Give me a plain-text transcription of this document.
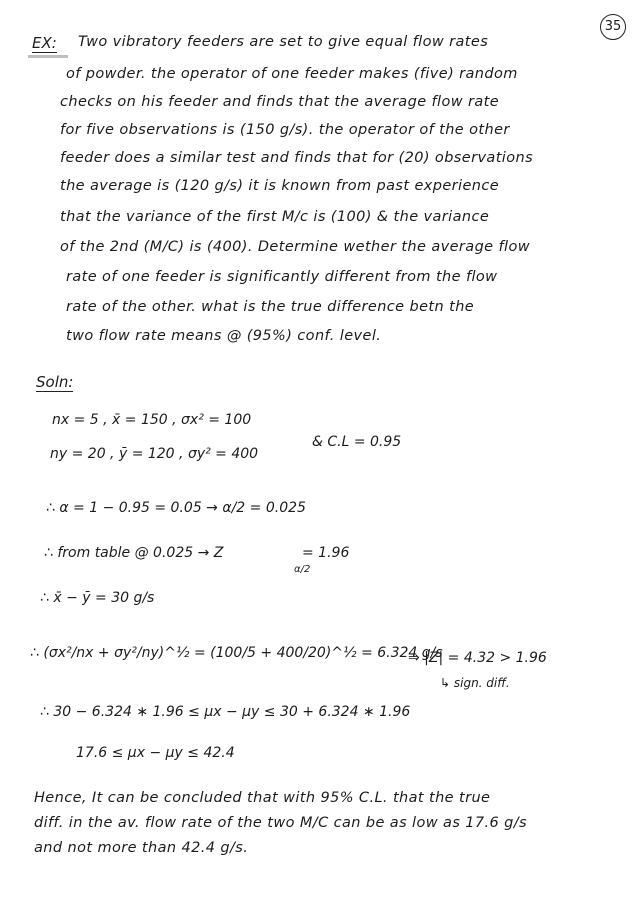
35
EX: Two vibratory feeders are set to give equal flow rates
of powder. the operator of one feeder makes (five) random
checks on his feeder and finds that the average flow rate
for five observations is (150 g/s). the operator of the other
feeder does a similar test and finds that for (20) observations
the average is (120 g/s) it is known from past experience
that the variance of the first M/c is (100) & the variance
of the 2nd (M/C) is (400). Determine wether the average flow
rate of one feeder is significantly different from the flow
rate of the other. what is the true difference betn the
two flow rate means @ (95%) conf. level.
Soln:
nx = 5 , x̄ = 150 , σx² = 100
& C.L = 0.95
ny = 20 , ȳ = 120 , σy² = 400
∴ α = 1 − 0.95 = 0.05 → α/2 = 0.025
∴ from table @ 0.025 → Z
α/2
= 1.96
∴ x̄ − ȳ = 30 g/s
∴ (σx²/nx + σy²/ny)^½ = (100/5 + 400/20)^½ = 6.324 g/s
⇒ |Z| = 4.32 > 1.96
↳ sign. diff.
∴ 30 − 6.324 ∗ 1.96 ≤ μx − μy ≤ 30 + 6.324 ∗ 1.96
17.6 ≤ μx − μy ≤ 42.4
Hence, It can be concluded that with 95% C.L. that the true
diff. in the av. flow rate of the two M/C can be as low as 17.6 g/s
and not more than 42.4 g/s.
